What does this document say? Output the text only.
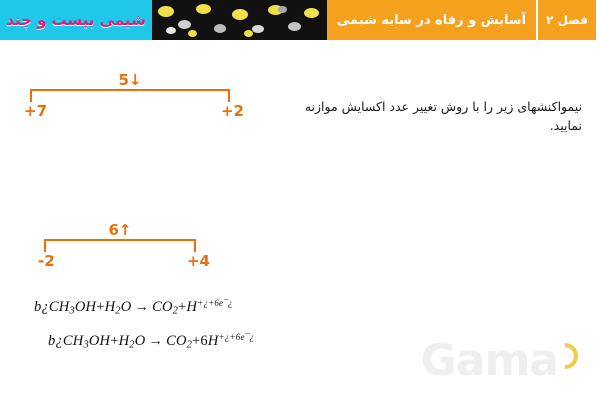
شیمی بیست و چند	آسایش و رفاه در سایه شیمی	فصل ۲
نیمواکنشهای زیر را با روش تغییر عدد اکسایش موازنه نمایید.
5↓
+7	+2
6↑
-2	+4
$b¿CH_3OH+H_2O \to CO_2+H^{+¿+6e¯¿}$
$b¿CH_3OH+H_2O \to CO_2+6H^{+¿+6e¯¿}$	Gama
